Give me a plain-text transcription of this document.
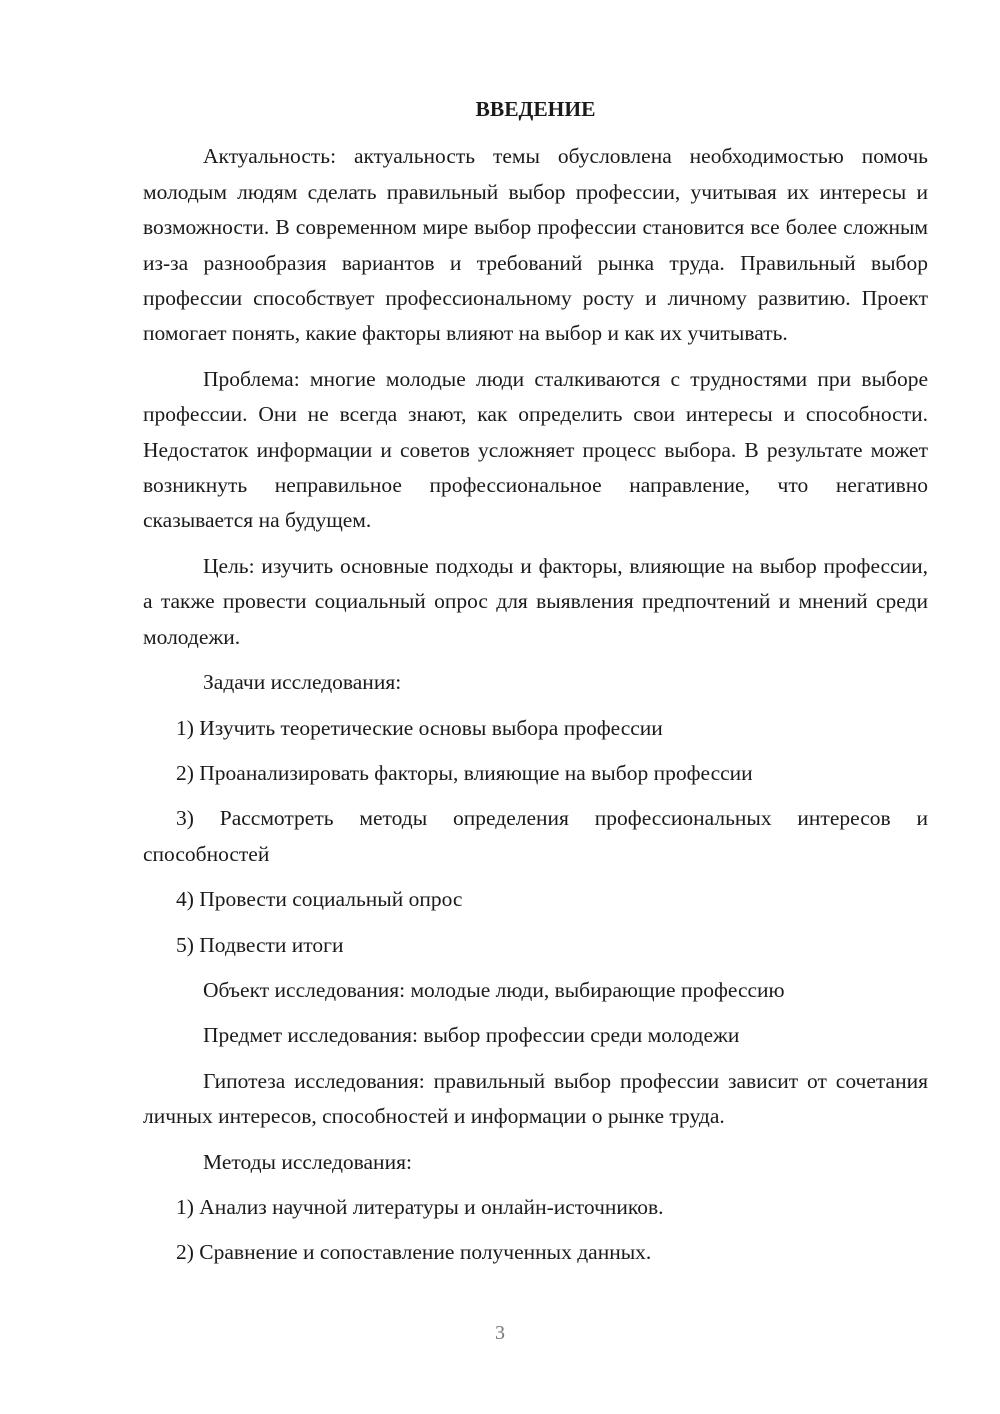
ВВЕДЕНИЕ

Актуальность: актуальность темы обусловлена необходимостью помочь молодым людям сделать правильный выбор профессии, учитывая их интересы и возможности. В современном мире выбор профессии становится все более сложным из-за разнообразия вариантов и требований рынка труда. Правильный выбор профессии способствует профессиональному росту и личному развитию. Проект помогает понять, какие факторы влияют на выбор и как их учитывать.

Проблема: многие молодые люди сталкиваются с трудностями при выборе профессии. Они не всегда знают, как определить свои интересы и способности. Недостаток информации и советов усложняет процесс выбора. В результате может возникнуть неправильное профессиональное направление, что негативно сказывается на будущем.

Цель: изучить основные подходы и факторы, влияющие на выбор профессии, а также провести социальный опрос для выявления предпочтений и мнений среди молодежи.

Задачи исследования:

1) Изучить теоретические основы выбора профессии

2) Проанализировать факторы, влияющие на выбор профессии

3) Рассмотреть методы определения профессиональных интересов и способностей

4) Провести социальный опрос

5) Подвести итоги

Объект исследования: молодые люди, выбирающие профессию

Предмет исследования: выбор профессии среди молодежи

Гипотеза исследования: правильный выбор профессии зависит от сочетания личных интересов, способностей и информации о рынке труда.

Методы исследования:

1) Анализ научной литературы и онлайн-источников.

2) Сравнение и сопоставление полученных данных.

3
